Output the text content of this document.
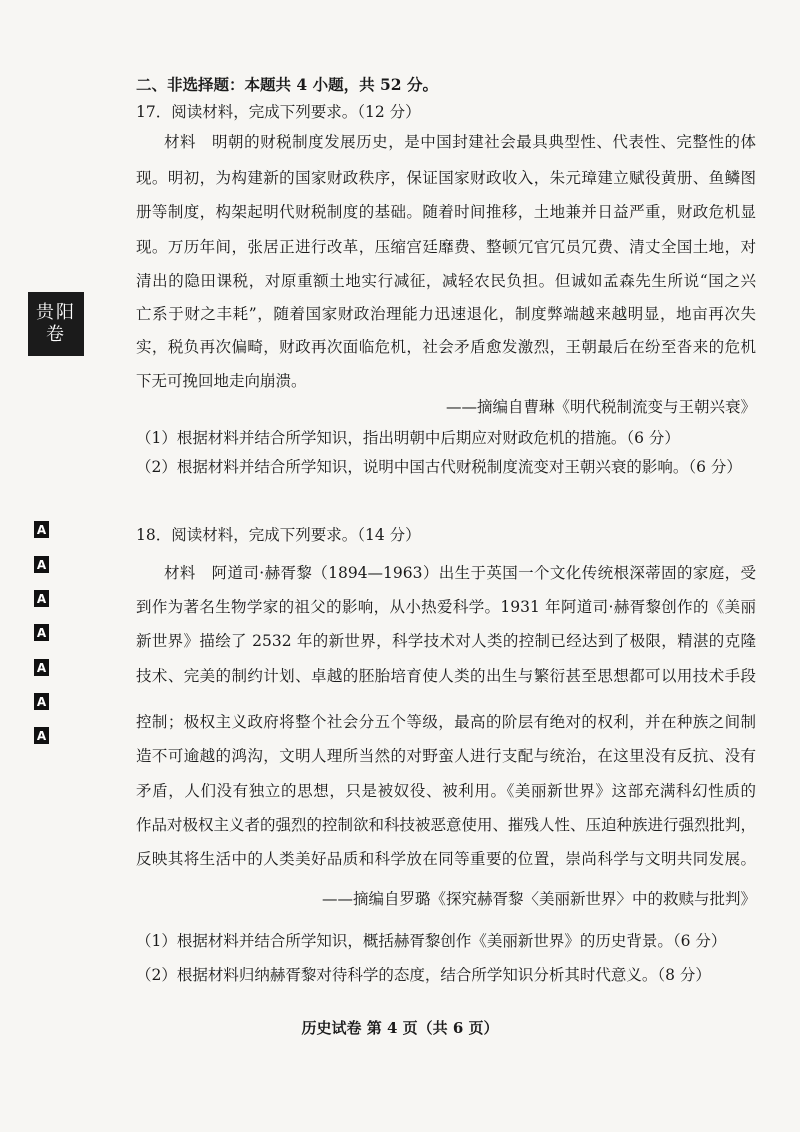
贵阳
卷
A
A
A
A
A
A
A
二、非选择题：本题共 4 小题，共 52 分。
17．阅读材料，完成下列要求。（12 分）
材料　明朝的财税制度发展历史，是中国封建社会最具典型性、代表性、完整性的体
现。明初，为构建新的国家财政秩序，保证国家财政收入，朱元璋建立赋役黄册、鱼鳞图
册等制度，构架起明代财税制度的基础。随着时间推移，土地兼并日益严重，财政危机显
现。万历年间，张居正进行改革，压缩宫廷靡费、整顿冗官冗员冗费、清丈全国土地，对
清出的隐田课税，对原重额土地实行减征，减轻农民负担。但诚如孟森先生所说“国之兴
亡系于财之丰耗”，随着国家财政治理能力迅速退化，制度弊端越来越明显，地亩再次失
实，税负再次偏畸，财政再次面临危机，社会矛盾愈发激烈，王朝最后在纷至沓来的危机
下无可挽回地走向崩溃。
——摘编自曹琳《明代税制流变与王朝兴衰》
（1）根据材料并结合所学知识，指出明朝中后期应对财政危机的措施。（6 分）
（2）根据材料并结合所学知识，说明中国古代财税制度流变对王朝兴衰的影响。（6 分）
18．阅读材料，完成下列要求。（14 分）
材料　阿道司·赫胥黎（1894—1963）出生于英国一个文化传统根深蒂固的家庭，受
到作为著名生物学家的祖父的影响，从小热爱科学。1931 年阿道司·赫胥黎创作的《美丽
新世界》描绘了 2532 年的新世界，科学技术对人类的控制已经达到了极限，精湛的克隆
技术、完美的制约计划、卓越的胚胎培育使人类的出生与繁衍甚至思想都可以用技术手段
控制；极权主义政府将整个社会分五个等级，最高的阶层有绝对的权利，并在种族之间制
造不可逾越的鸿沟，文明人理所当然的对野蛮人进行支配与统治，在这里没有反抗、没有
矛盾，人们没有独立的思想，只是被奴役、被利用。《美丽新世界》这部充满科幻性质的
作品对极权主义者的强烈的控制欲和科技被恶意使用、摧残人性、压迫种族进行强烈批判，
反映其将生活中的人类美好品质和科学放在同等重要的位置，崇尚科学与文明共同发展。
——摘编自罗璐《探究赫胥黎〈美丽新世界〉中的救赎与批判》
（1）根据材料并结合所学知识，概括赫胥黎创作《美丽新世界》的历史背景。（6 分）
（2）根据材料归纳赫胥黎对待科学的态度，结合所学知识分析其时代意义。（8 分）
历史试卷 第 4 页（共 6 页）
